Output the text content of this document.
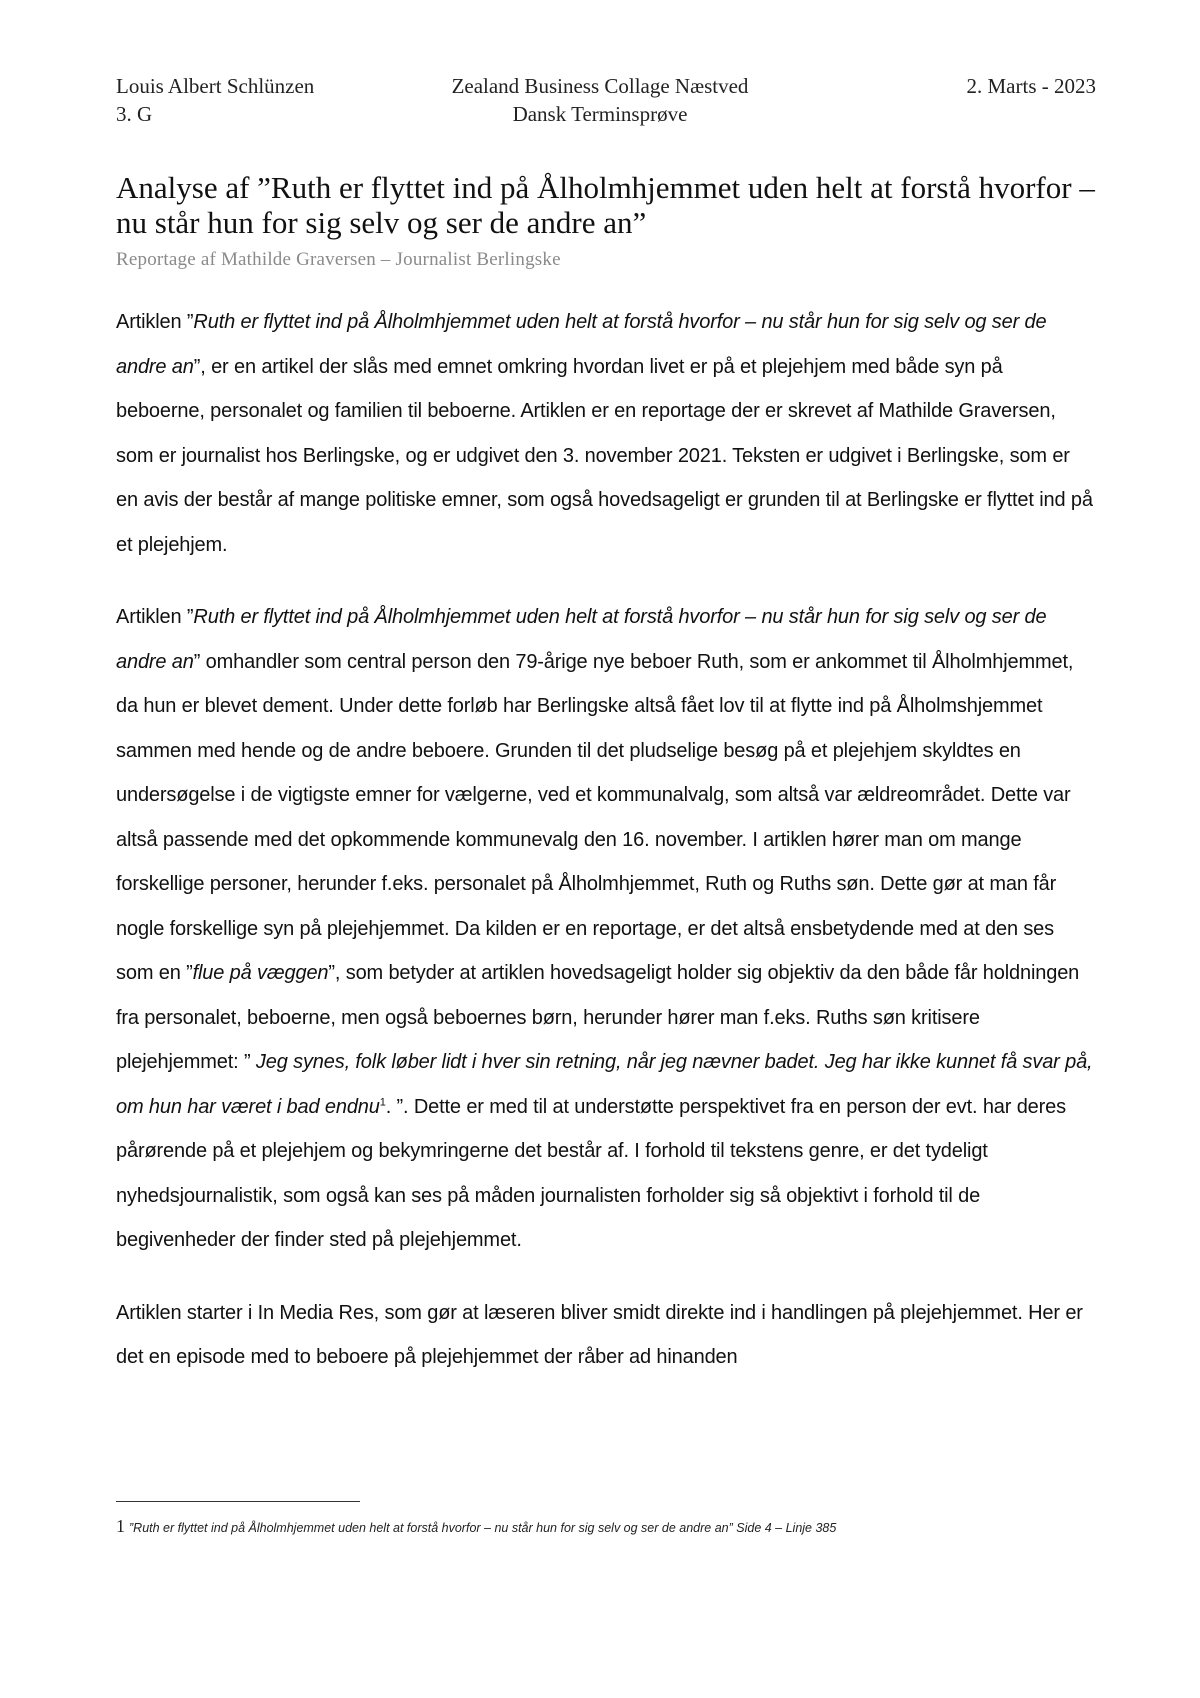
Louis Albert Schlünzen
3. G
Zealand Business Collage Næstved
Dansk Terminsprøve
2. Marts - 2023
Analyse af ”Ruth er flyttet ind på Ålholmhjemmet uden helt at forstå hvorfor – nu står hun for sig selv og ser de andre an”
Reportage af Mathilde Graversen – Journalist Berlingske

Artiklen ”Ruth er flyttet ind på Ålholmhjemmet uden helt at forstå hvorfor – nu står hun for sig selv og ser de andre an”, er en artikel der slås med emnet omkring hvordan livet er på et plejehjem med både syn på beboerne, personalet og familien til beboerne. Artiklen er en reportage der er skrevet af Mathilde Graversen, som er journalist hos Berlingske, og er udgivet den 3. november 2021. Teksten er udgivet i Berlingske, som er en avis der består af mange politiske emner, som også hovedsageligt er grunden til at Berlingske er flyttet ind på et plejehjem.

Artiklen ”Ruth er flyttet ind på Ålholmhjemmet uden helt at forstå hvorfor – nu står hun for sig selv og ser de andre an” omhandler som central person den 79-årige nye beboer Ruth, som er ankommet til Ålholmhjemmet, da hun er blevet dement. Under dette forløb har Berlingske altså fået lov til at flytte ind på Ålholmshjemmet sammen med hende og de andre beboere. Grunden til det pludselige besøg på et plejehjem skyldtes en undersøgelse i de vigtigste emner for vælgerne, ved et kommunalvalg, som altså var ældreområdet. Dette var altså passende med det opkommende kommunevalg den 16. november. I artiklen hører man om mange forskellige personer, herunder f.eks. personalet på Ålholmhjemmet, Ruth og Ruths søn. Dette gør at man får nogle forskellige syn på plejehjemmet. Da kilden er en reportage, er det altså ensbetydende med at den ses som en ”flue på væggen”, som betyder at artiklen hovedsageligt holder sig objektiv da den både får holdningen fra personalet, beboerne, men også beboernes børn, herunder hører man f.eks. Ruths søn kritisere plejehjemmet: ” Jeg synes, folk løber lidt i hver sin retning, når jeg nævner badet. Jeg har ikke kunnet få svar på, om hun har været i bad endnu$^1$. ”. Dette er med til at understøtte perspektivet fra en person der evt. har deres pårørende på et plejehjem og bekymringerne det består af. I forhold til tekstens genre, er det tydeligt nyhedsjournalistik, som også kan ses på måden journalisten forholder sig så objektivt i forhold til de begivenheder der finder sted på plejehjemmet.

Artiklen starter i In Media Res, som gør at læseren bliver smidt direkte ind i handlingen på plejehjemmet. Her er det en episode med to beboere på plejehjemmet der råber ad hinanden

1 ”Ruth er flyttet ind på Ålholmhjemmet uden helt at forstå hvorfor – nu står hun for sig selv og ser de andre an” Side 4 – Linje 385
